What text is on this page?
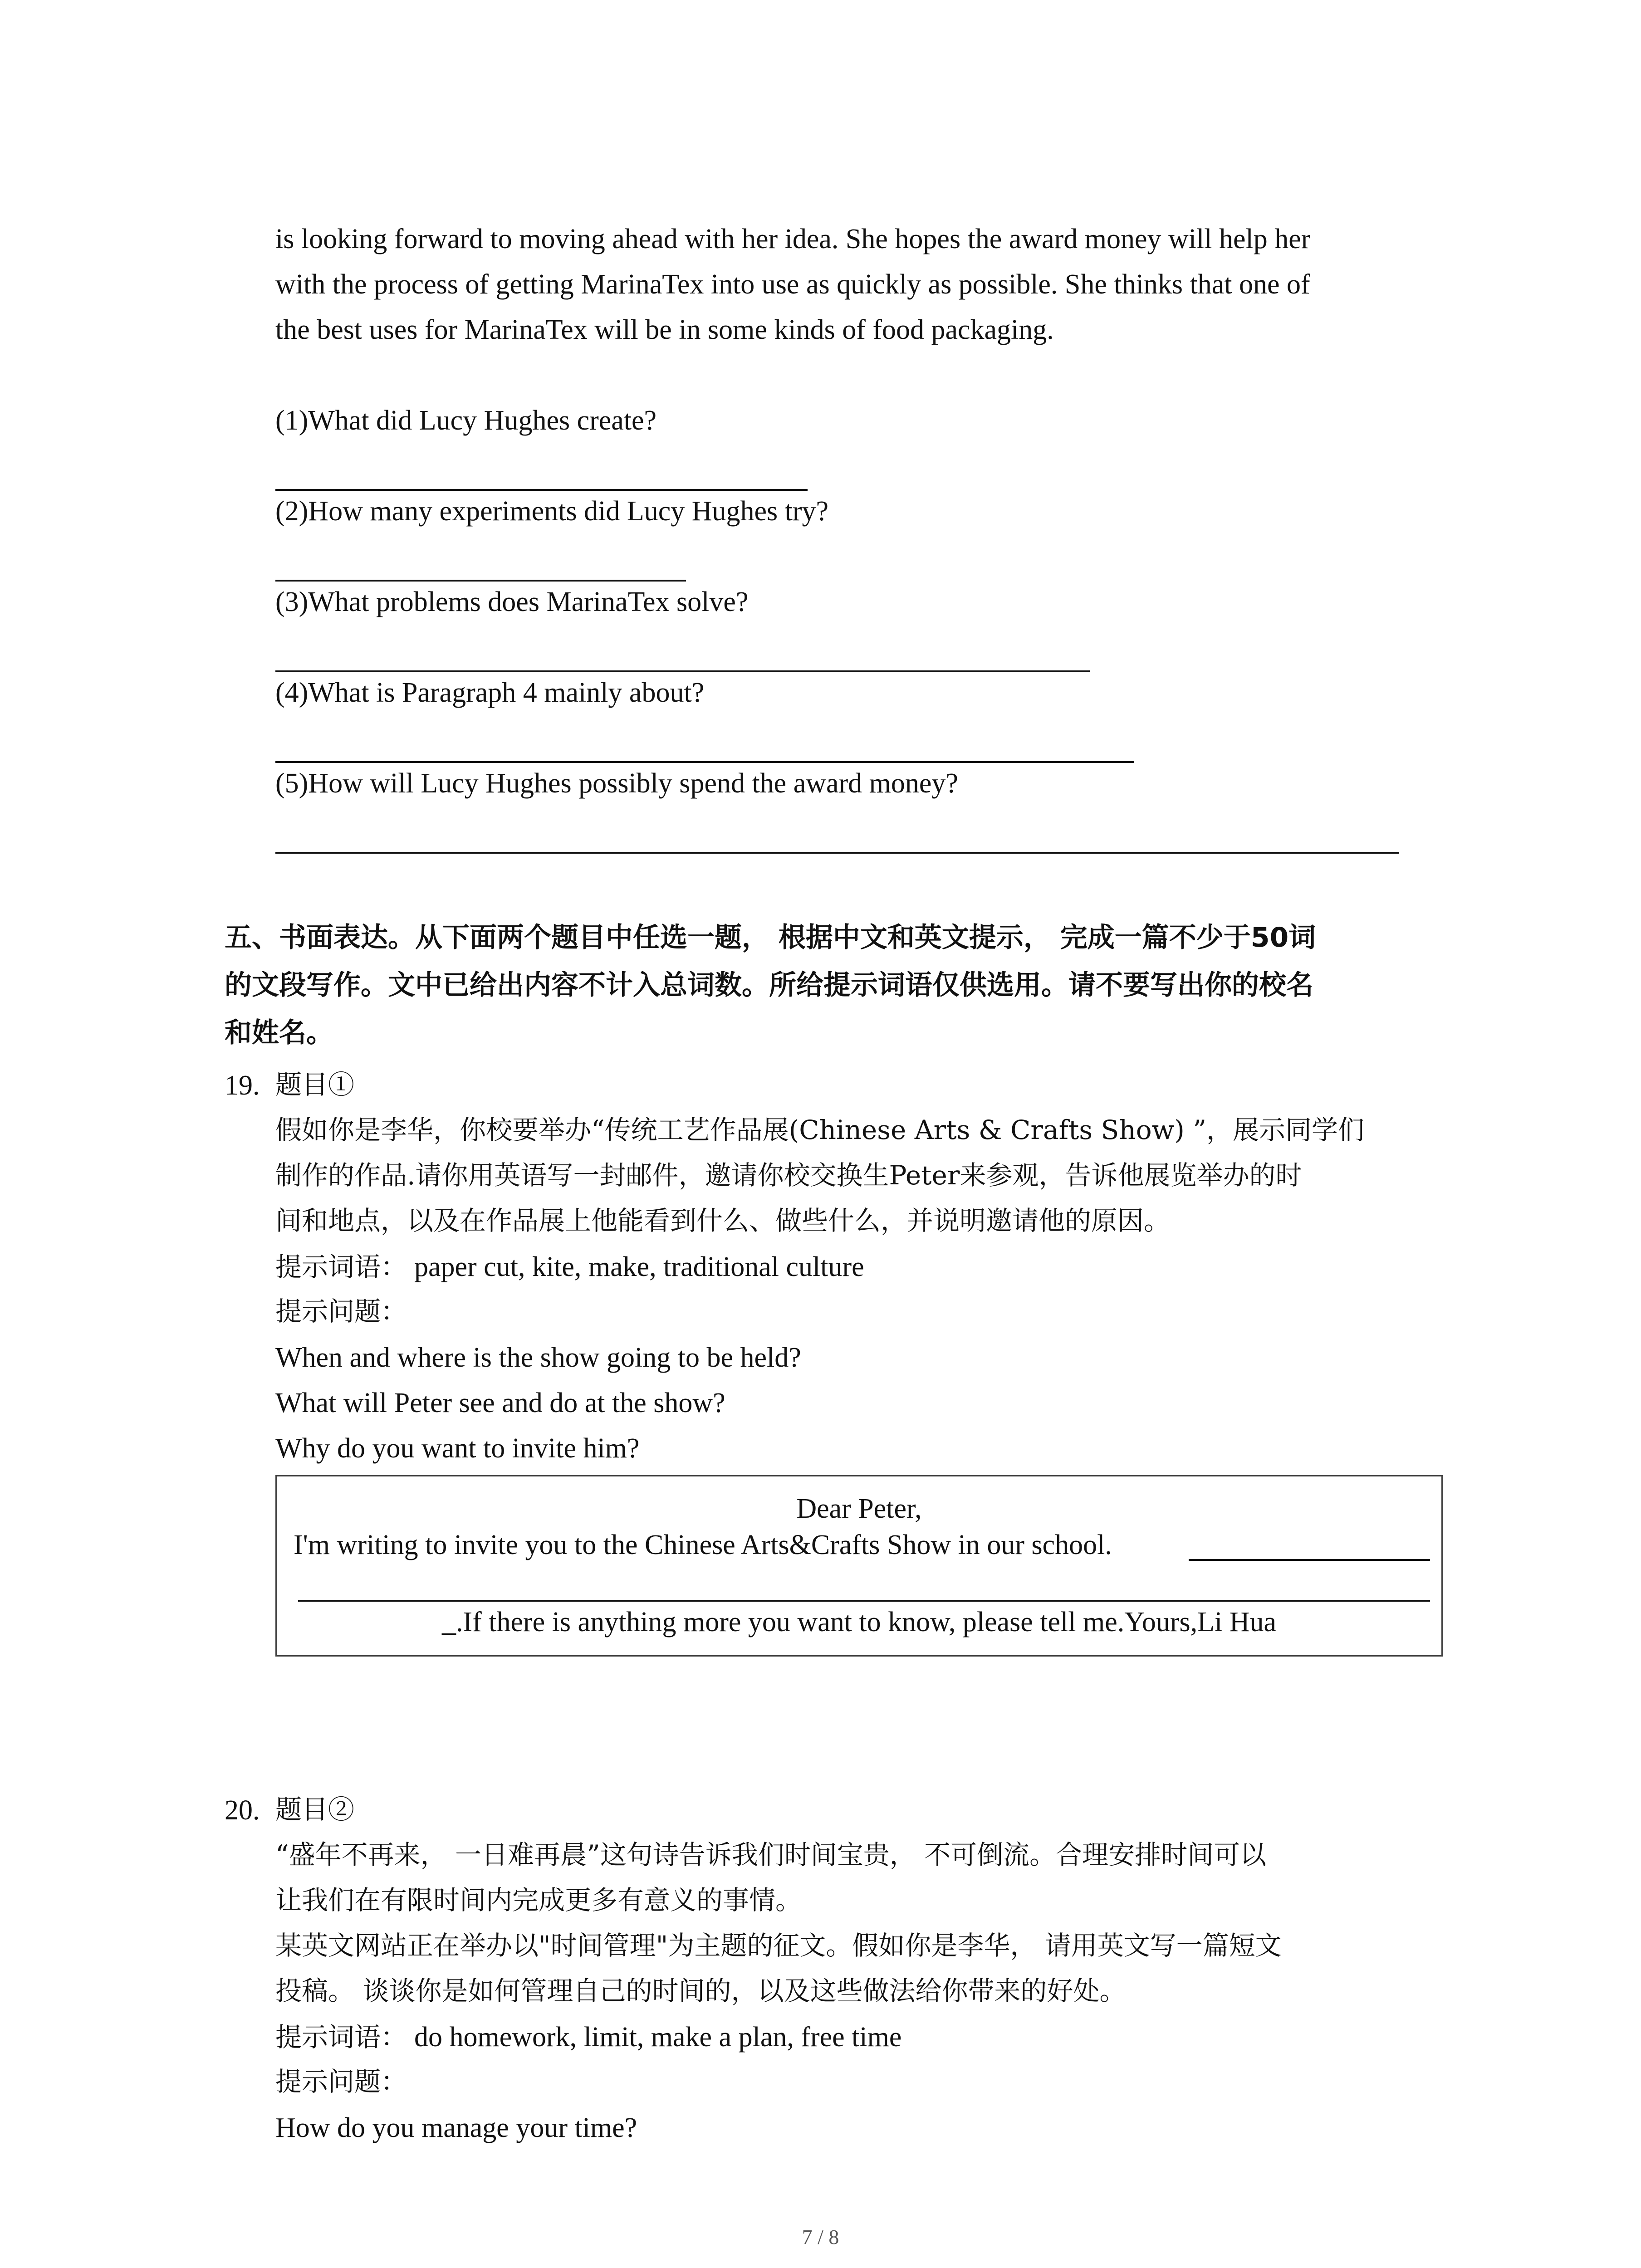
is looking forward to moving ahead with her idea. She hopes the award money will help her
with the process of getting MarinaTex into use as quickly as possible. She thinks that one of
the best uses for MarinaTex will be in some kinds of food packaging.
(1)What did Lucy Hughes create?
(2)How many experiments did Lucy Hughes try?
(3)What problems does MarinaTex solve?
(4)What is Paragraph 4 mainly about?
(5)How will Lucy Hughes possibly spend the award money?
五、书面表达。从下面两个题目中任选一题， 根据中文和英文提示， 完成一篇不少于50词
的文段写作。文中已给出内容不计入总词数。所给提示词语仅供选用。请不要写出你的校名
和姓名。
19. 题目①
假如你是李华，你校要举办“传统工艺作品展(Chinese Arts & Crafts Show) ”，展示同学们
制作的作品.请你用英语写一封邮件，邀请你校交换生Peter来参观，告诉他展览举办的时
间和地点，以及在作品展上他能看到什么、做些什么，并说明邀请他的原因。
提示词语： paper cut, kite, make, traditional culture
提示问题：
When and where is the show going to be held?
What will Peter see and do at the show?
Why do you want to invite him?
Dear Peter,
I'm writing to invite you to the Chinese Arts&Crafts Show in our school.
_.If there is anything more you want to know, please tell me.Yours,Li Hua
20. 题目②
“盛年不再来， 一日难再晨”这句诗告诉我们时间宝贵， 不可倒流。合理安排时间可以
让我们在有限时间内完成更多有意义的事情。
某英文网站正在举办以"时间管理"为主题的征文。假如你是李华， 请用英文写一篇短文
投稿。 谈谈你是如何管理自己的时间的，以及这些做法给你带来的好处。
提示词语： do homework, limit, make a plan, free time
提示问题：
How do you manage your time?
7 / 8
